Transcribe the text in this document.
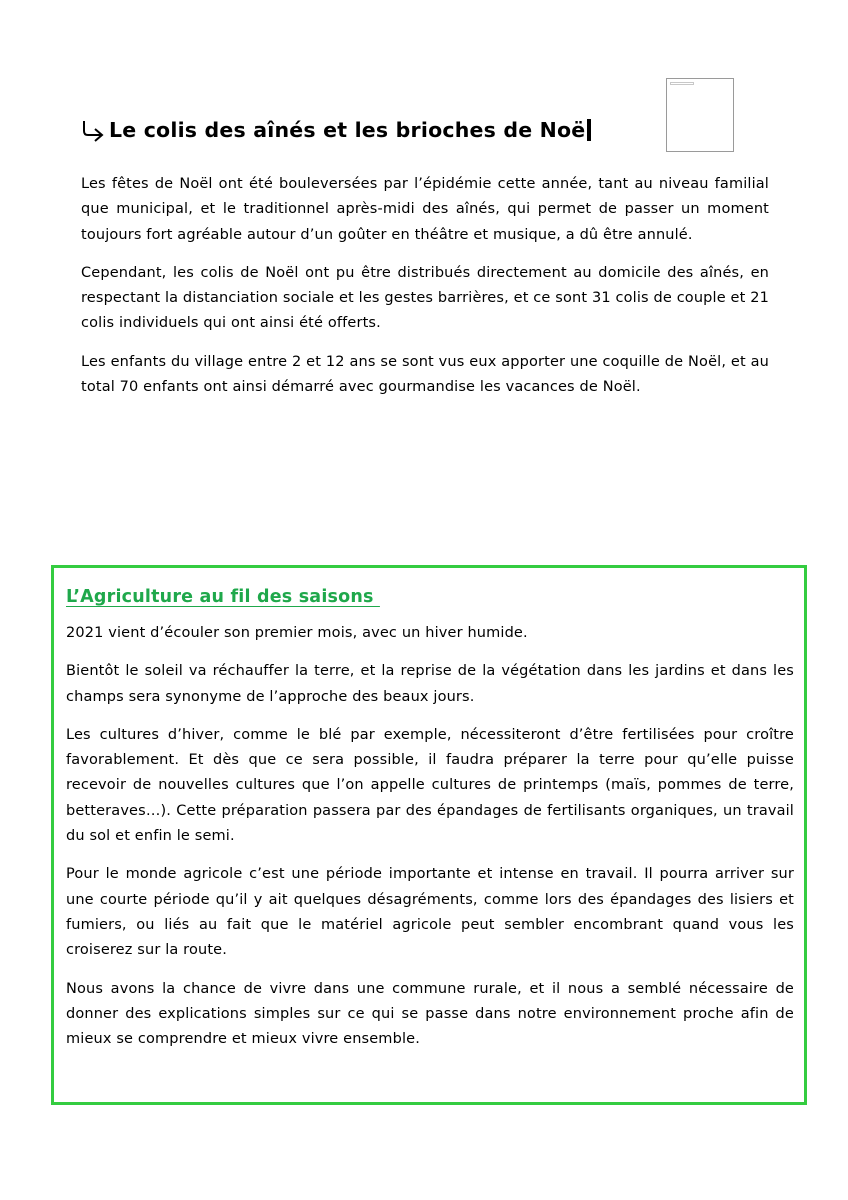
Le colis des aînés et les brioches de Noë

Les fêtes de Noël ont été bouleversées par l’épidémie cette année, tant au niveau familial que municipal, et le traditionnel après-midi des aînés, qui permet de passer un moment toujours fort agréable autour d’un goûter en théâtre et musique, a dû être annulé.

Cependant, les colis de Noël ont pu être distribués directement au domicile des aînés, en respectant la distanciation sociale et les gestes barrières, et ce sont 31 colis de couple et 21 colis individuels qui ont ainsi été offerts.

Les enfants du village entre 2 et 12 ans se sont vus eux apporter une coquille de Noël, et au total 70 enfants ont ainsi démarré avec gourmandise les vacances de Noël.

L’Agriculture au fil des saisons

2021 vient d’écouler son premier mois, avec un hiver humide.

Bientôt le soleil va réchauffer la terre, et la reprise de la végétation dans les jardins et dans les champs sera synonyme de l’approche des beaux jours.

Les cultures d’hiver, comme le blé par exemple, nécessiteront d’être fertilisées pour croître favorablement. Et dès que ce sera possible, il faudra préparer la terre pour qu’elle puisse recevoir de nouvelles cultures que l’on appelle cultures de printemps (maïs, pommes de terre, betteraves…). Cette préparation passera par des épandages de fertilisants organiques, un travail du sol et enfin le semi.

Pour le monde agricole c’est une période importante et intense en travail. Il pourra arriver sur une courte période qu’il y ait quelques désagréments, comme lors des épandages des lisiers et fumiers, ou liés au fait que le matériel agricole peut sembler encombrant quand vous les croiserez sur la route.

Nous avons la chance de vivre dans une commune rurale, et il nous a semblé nécessaire de donner des explications simples sur ce qui se passe dans notre environnement proche afin de mieux se comprendre et mieux vivre ensemble.
